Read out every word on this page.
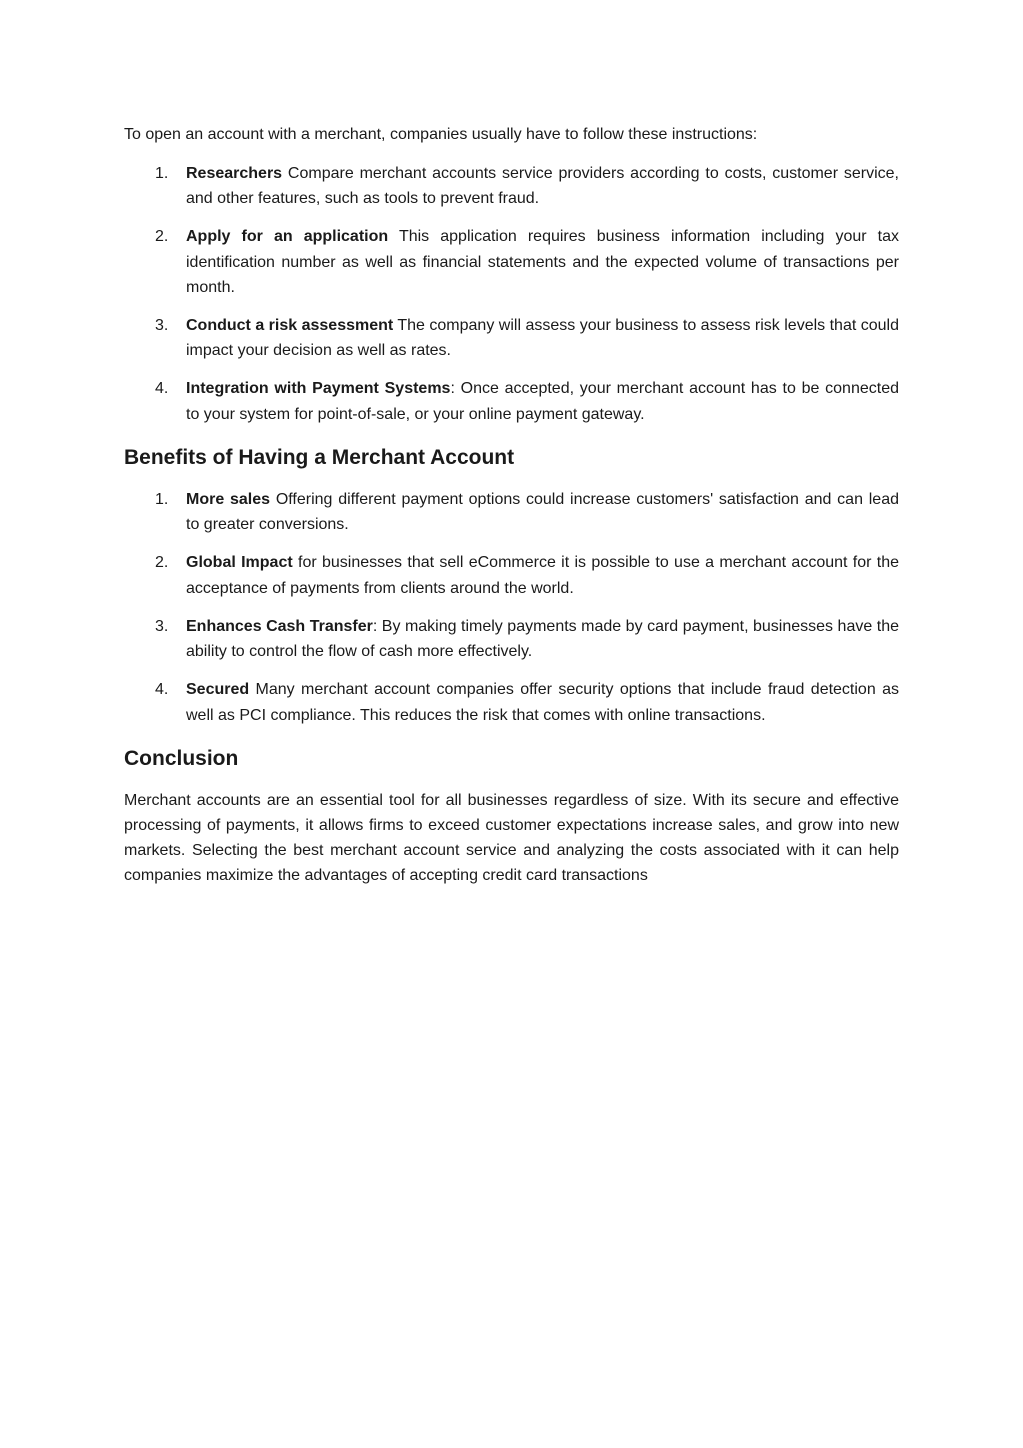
To open an account with a merchant, companies usually have to follow these instructions:

1. Researchers Compare merchant accounts service providers according to costs, customer service, and other features, such as tools to prevent fraud.
2. Apply for an application This application requires business information including your tax identification number as well as financial statements and the expected volume of transactions per month.
3. Conduct a risk assessment The company will assess your business to assess risk levels that could impact your decision as well as rates.
4. Integration with Payment Systems: Once accepted, your merchant account has to be connected to your system for point-of-sale, or your online payment gateway.
Benefits of Having a Merchant Account
1. More sales Offering different payment options could increase customers' satisfaction and can lead to greater conversions.
2. Global Impact for businesses that sell eCommerce it is possible to use a merchant account for the acceptance of payments from clients around the world.
3. Enhances Cash Transfer: By making timely payments made by card payment, businesses have the ability to control the flow of cash more effectively.
4. Secured Many merchant account companies offer security options that include fraud detection as well as PCI compliance. This reduces the risk that comes with online transactions.
Conclusion

Merchant accounts are an essential tool for all businesses regardless of size. With its secure and effective processing of payments, it allows firms to exceed customer expectations increase sales, and grow into new markets. Selecting the best merchant account service and analyzing the costs associated with it can help companies maximize the advantages of accepting credit card transactions
